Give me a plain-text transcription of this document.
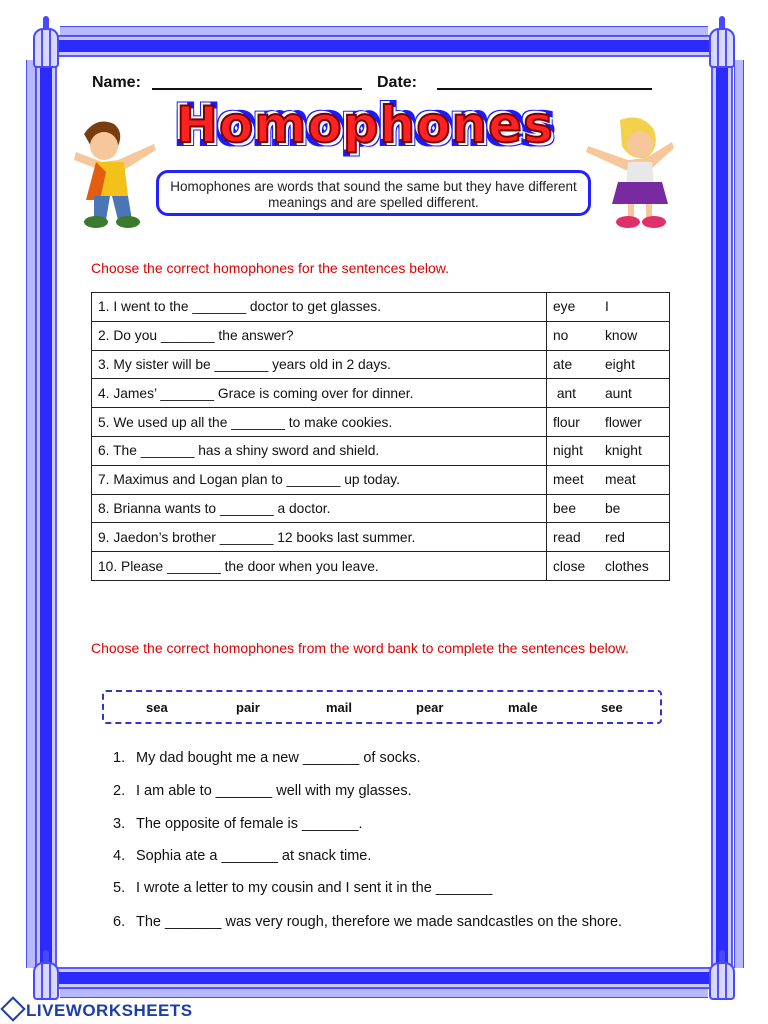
Name:	Date:
Homophones
Homophones are words that sound the same but they have different meanings and are spelled different.
Choose the correct homophones for the sentences below.
1. I went to the _______ doctor to get glasses.	eye I
2. Do you _______ the answer?	no know
3. My sister will be _______ years old in 2 days.	ate eight
4. James’ _______ Grace is coming over for dinner.	ant aunt
5. We used up all the _______ to make cookies.	flour flower
6. The _______ has a shiny sword and shield.	night knight
7. Maximus and Logan plan to _______ up today.	meet meat
8. Brianna wants to _______ a doctor.	bee be
9. Jaedon’s brother _______ 12 books last summer.	read red
10. Please _______ the door when you leave.	close clothes
Choose the correct homophones from the word bank to complete the sentences below.
sea	pair	mail	pear	male	see
1. My dad bought me a new _______ of socks.
2. I am able to _______ well with my glasses.
3. The opposite of female is _______.
4. Sophia ate a _______ at snack time.
5. I wrote a letter to my cousin and I sent it in the _______
6. The _______ was very rough, therefore we made sandcastles on the shore.
LIVEWORKSHEETS
